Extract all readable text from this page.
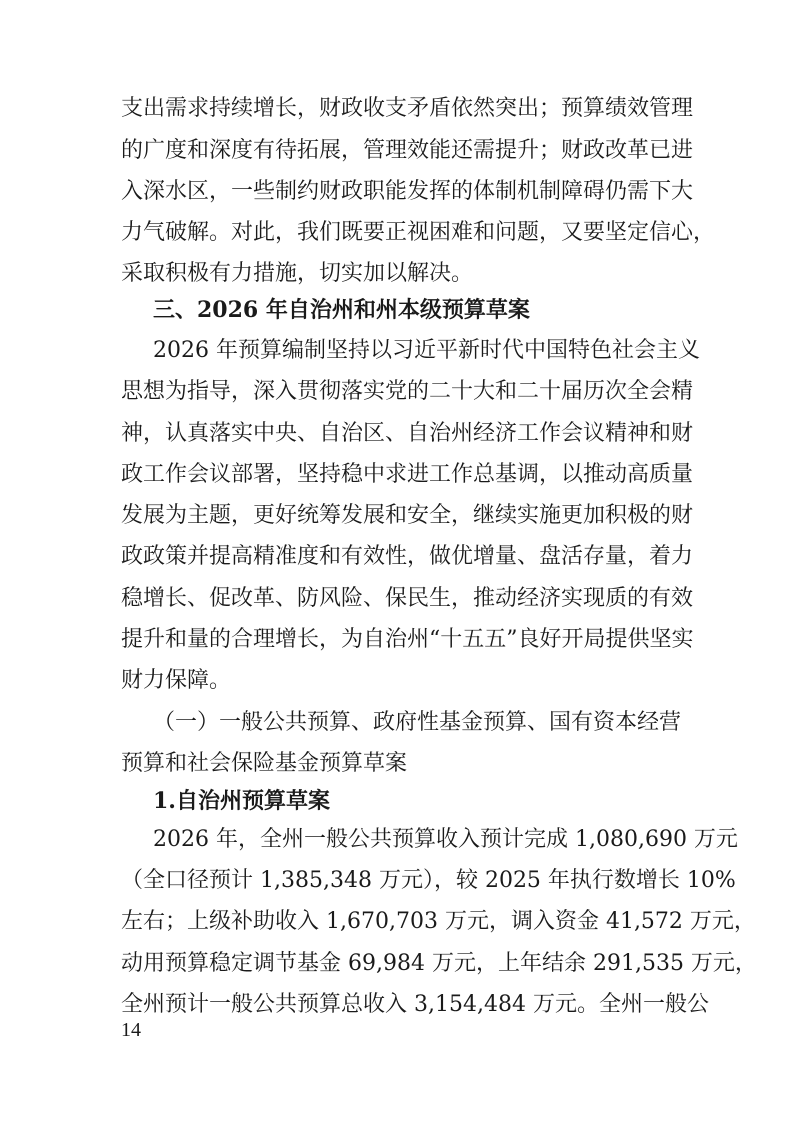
支出需求持续增长，财政收支矛盾依然突出；预算绩效管理
的广度和深度有待拓展，管理效能还需提升；财政改革已进
入深水区，一些制约财政职能发挥的体制机制障碍仍需下大
力气破解。对此，我们既要正视困难和问题，又要坚定信心，
采取积极有力措施，切实加以解决。
三、2026 年自治州和州本级预算草案
2026 年预算编制坚持以习近平新时代中国特色社会主义
思想为指导，深入贯彻落实党的二十大和二十届历次全会精
神，认真落实中央、自治区、自治州经济工作会议精神和财
政工作会议部署，坚持稳中求进工作总基调，以推动高质量
发展为主题，更好统筹发展和安全，继续实施更加积极的财
政政策并提高精准度和有效性，做优增量、盘活存量，着力
稳增长、促改革、防风险、保民生，推动经济实现质的有效
提升和量的合理增长，为自治州“十五五”良好开局提供坚实
财力保障。
（一）一般公共预算、政府性基金预算、国有资本经营
预算和社会保险基金预算草案
1.自治州预算草案
2026 年，全州一般公共预算收入预计完成 1,080,690 万元
（全口径预计 1,385,348 万元），较 2025 年执行数增长 10%
左右；上级补助收入 1,670,703 万元，调入资金 41,572 万元，
动用预算稳定调节基金 69,984 万元，上年结余 291,535 万元，
全州预计一般公共预算总收入 3,154,484 万元。全州一般公
14
